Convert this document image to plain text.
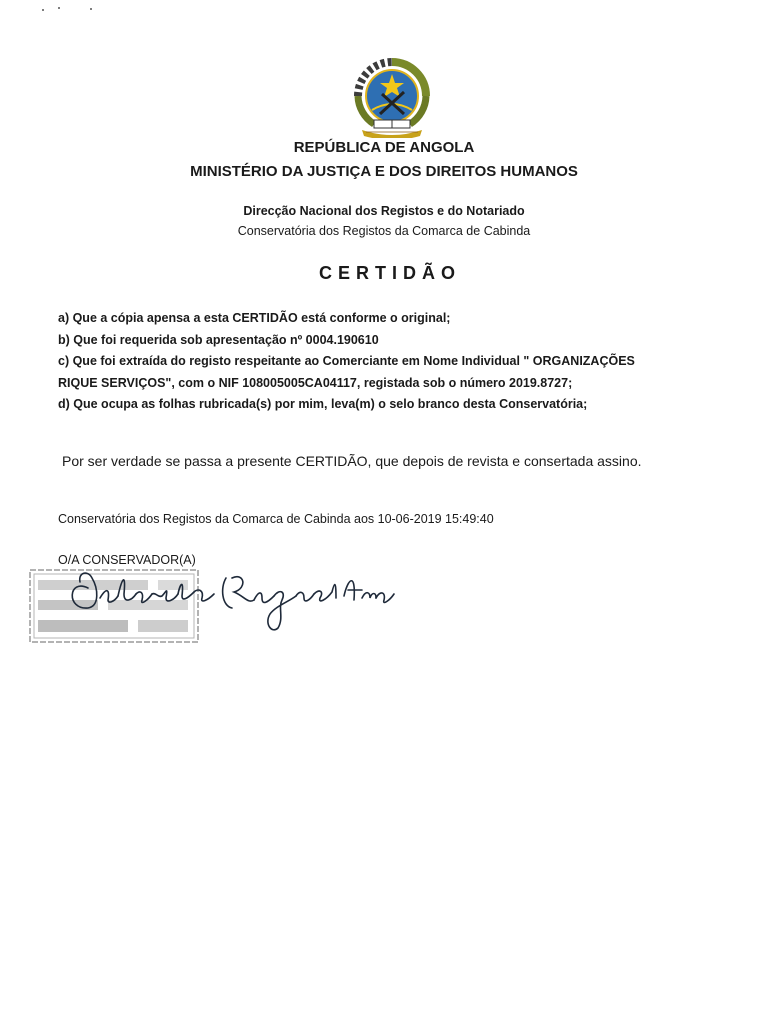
REPÚBLICA DE ANGOLA
MINISTÉRIO DA JUSTIÇA E DOS DIREITOS HUMANOS
Direcção Nacional dos Registos e do Notariado
Conservatória dos Registos da Comarca de Cabinda
CERTIDÃO
a) Que a cópia apensa a esta CERTIDÃO está conforme o original;
b) Que foi requerida sob apresentação nº 0004.190610
c) Que foi extraída do registo respeitante ao Comerciante em Nome Individual " ORGANIZAÇÕES
RIQUE SERVIÇOS", com o NIF 108005005CA04117, registada sob o número 2019.8727;
d) Que ocupa as folhas rubricada(s) por mim, leva(m) o selo branco desta Conservatória;
Por ser verdade se passa a presente CERTIDÃO, que depois de revista e consertada assino.
Conservatória dos Registos da Comarca de Cabinda aos 10-06-2019 15:49:40
O/A CONSERVADOR(A)
